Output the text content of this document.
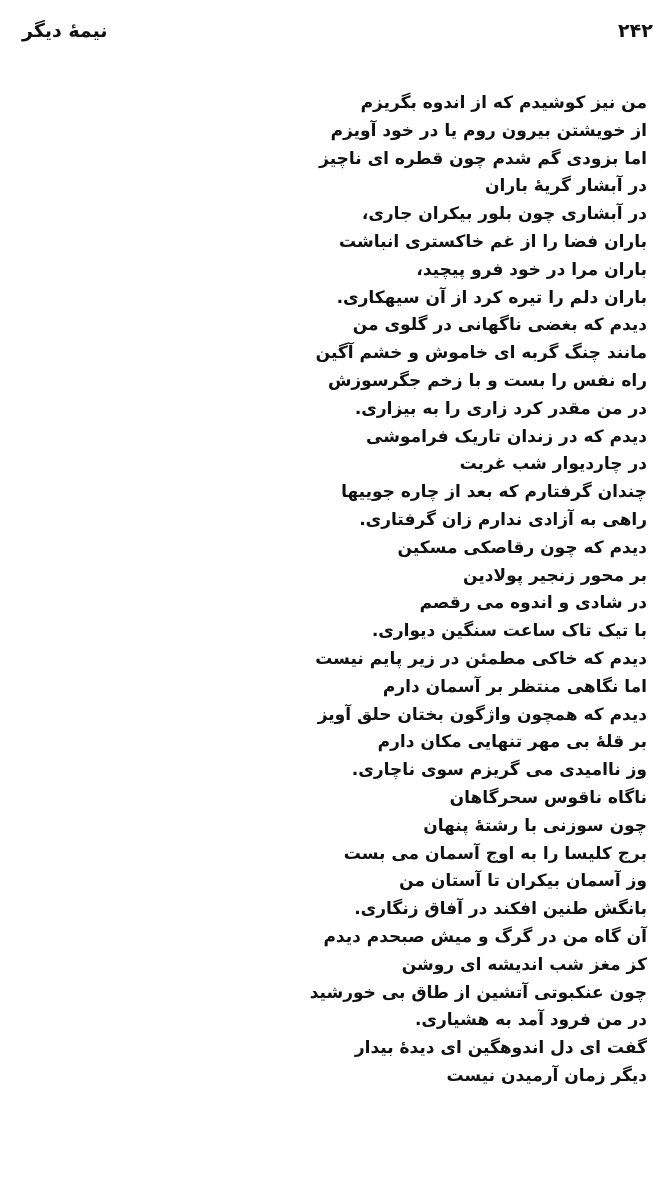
۲۴۲
نیمهٔ دیگر
من نیز کوشیدم که از اندوه بگریزم
از خویشتن بیرون روم یا در خود آویزم
اما بزودی گم شدم چون قطره ای ناچیز
در آبشار گریهٔ باران
در آبشاری چون بلور بیکران جاری،
باران فضا را از غم خاکستری انباشت
باران مرا در خود فرو پیچید،
باران دلم را تیره کرد از آن سیهکاری.
دیدم که بغضی ناگهانی در گلوی من
مانند چنگ گربه ای خاموش و خشم آگین
راه نفس را بست و با زخم جگرسوزش
در من مقدر کرد زاری را به بیزاری.
دیدم که در زندان تاریک فراموشی
در چاردیوار شب غربت
چندان گرفتارم که بعد از چاره جوییها
راهی به آزادی ندارم زان گرفتاری.
دیدم که چون رقاصکی مسکین
بر محور زنجیر پولادین
در شادی و اندوه می رقصم
با تیک تاک ساعت سنگین دیواری.
دیدم که خاکی مطمئن در زیر پایم نیست
اما نگاهی منتظر بر آسمان دارم
دیدم که همچون واژگون بختان حلق آویز
بر قلهٔ بی مهر تنهایی مکان دارم
وز ناامیدی می گریزم سوی ناچاری.
ناگاه ناقوس سحرگاهان
چون سوزنی با رشتهٔ پنهان
برج کلیسا را به اوج آسمان می بست
وز آسمان بیکران تا آستان من
بانگش طنین افکند در آفاق زنگاری.
آن گاه من در گرگ و میش صبحدم دیدم
کز مغز شب اندیشه ای روشن
چون عنکبوتی آتشین از طاق بی خورشید
در من فرود آمد به هشیاری.
گفت ای دل اندوهگین ای دیدهٔ بیدار
دیگر زمان آرمیدن نیست
